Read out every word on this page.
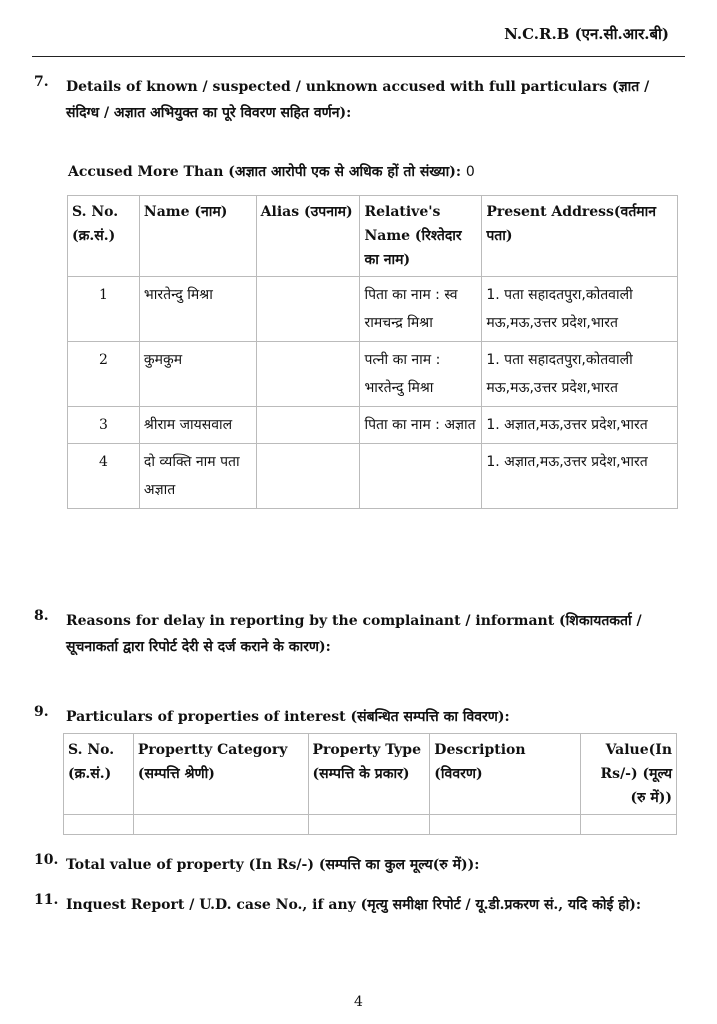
N.C.R.B (एन.सी.आर.बी)
7. Details of known / suspected / unknown accused with full particulars (ज्ञात / संदिग्ध / अज्ञात अभियुक्त का पूरे विवरण सहित वर्णन):
Accused More Than (अज्ञात आरोपी एक से अधिक हों तो संख्या): 0
S. No. (क्र.सं.)	Name (नाम)	Alias (उपनाम)	Relative's Name (रिश्तेदार का नाम)	Present Address(वर्तमान पता)
1	भारतेन्दु मिश्रा		पिता का नाम : स्व रामचन्द्र मिश्रा	1. पता सहादतपुरा,कोतवाली मऊ,मऊ,उत्तर प्रदेश,भारत
2	कुमकुम		पत्नी का नाम : भारतेन्दु मिश्रा	1. पता सहादतपुरा,कोतवाली मऊ,मऊ,उत्तर प्रदेश,भारत
3	श्रीराम जायसवाल		पिता का नाम : अज्ञात	1. अज्ञात,मऊ,उत्तर प्रदेश,भारत
4	दो व्यक्ति नाम पता अज्ञात			1. अज्ञात,मऊ,उत्तर प्रदेश,भारत
8. Reasons for delay in reporting by the complainant / informant (शिकायतकर्ता / सूचनाकर्ता द्वारा रिपोर्ट देरी से दर्ज कराने के कारण):
9. Particulars of properties of interest (संबन्धित सम्पत्ति का विवरण):
S. No. (क्र.सं.)	Propertty Category (सम्पत्ति श्रेणी)	Property Type (सम्पत्ति के प्रकार)	Description (विवरण)	Value(In Rs/-) (मूल्य (रु में))

10. Total value of property (In Rs/-) (सम्पत्ति का कुल मूल्य(रु में)):
11. Inquest Report / U.D. case No., if any (मृत्यु समीक्षा रिपोर्ट / यू.डी.प्रकरण सं., यदि कोई हो):
4
